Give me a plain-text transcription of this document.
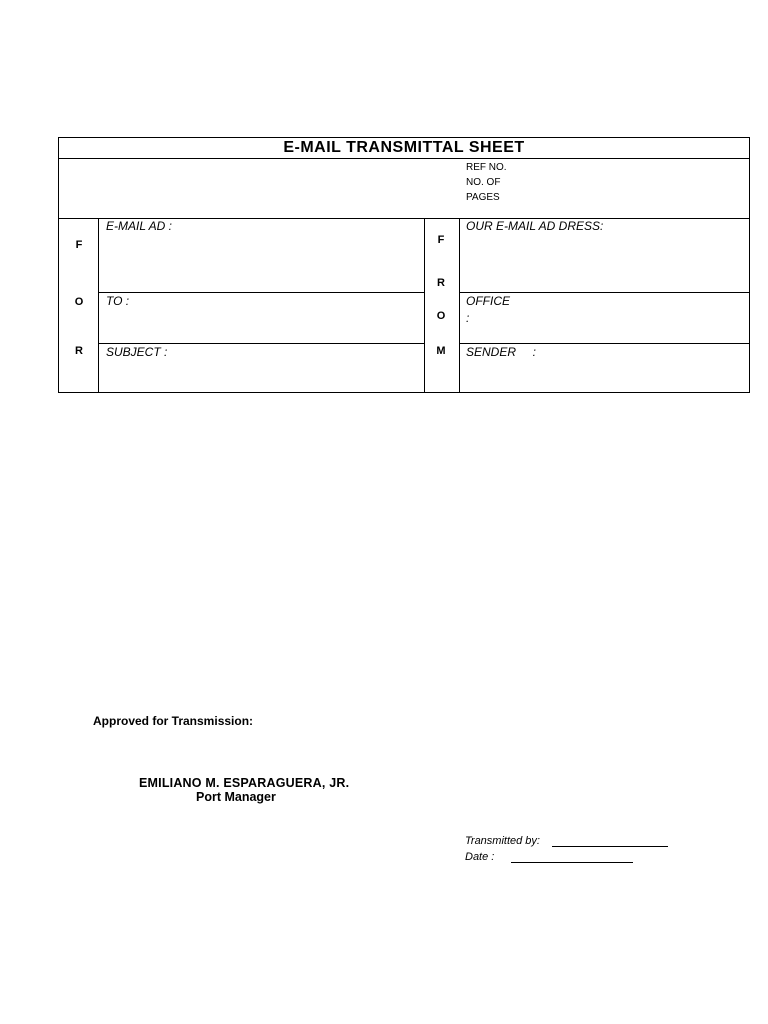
E-MAIL TRANSMITTAL SHEET
REF NO.
NO. OF
PAGES
F
O
R
F
R
O
M
E-MAIL AD :
TO :
SUBJECT :
OUR E-MAIL AD DRESS:
OFFICE
:
SENDER     :
Approved for Transmission:
EMILIANO M. ESPARAGUERA, JR.
Port Manager
Transmitted by:
Date :
